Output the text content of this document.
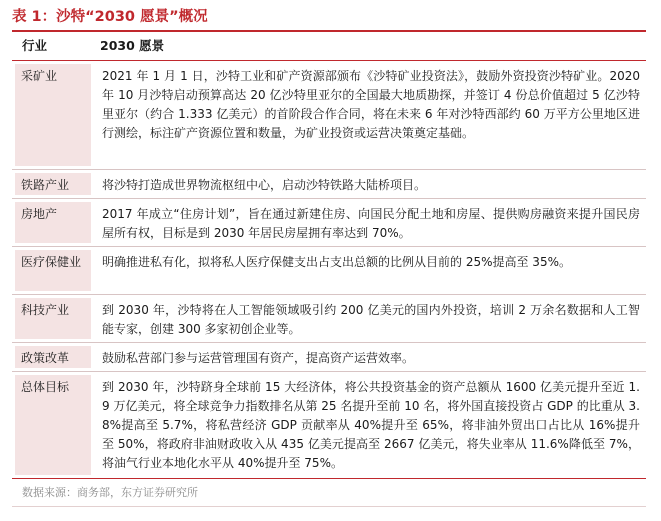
表 1：沙特“2030 愿景”概况
行业	2030 愿景
采矿业	2021 年 1 月 1 日，沙特工业和矿产资源部颁布《沙特矿业投资法》，鼓励外资投资沙特矿业。2020 年 10 月沙特启动预算高达 20 亿沙特里亚尔的全国最大地质勘探，并签订 4 份总价值超过 5 亿沙特里亚尔（约合 1.333 亿美元）的首阶段合作合同，将在未来 6 年对沙特西部约 60 万平方公里地区进行测绘，标注矿产资源位置和数量，为矿业投资或运营决策奠定基础。
铁路产业	将沙特打造成世界物流枢纽中心，启动沙特铁路大陆桥项目。
房地产	2017 年成立“住房计划”，旨在通过新建住房、向国民分配土地和房屋、提供购房融资来提升国民房屋所有权，目标是到 2030 年居民房屋拥有率达到 70%。
医疗保健业	明确推进私有化，拟将私人医疗保健支出占支出总额的比例从目前的 25%提高至 35%。
科技产业	到 2030 年，沙特将在人工智能领域吸引约 200 亿美元的国内外投资，培训 2 万余名数据和人工智能专家，创建 300 多家初创企业等。
政策改革	鼓励私营部门参与运营管理国有资产，提高资产运营效率。
总体目标	到 2030 年，沙特跻身全球前 15 大经济体，将公共投资基金的资产总额从 1600 亿美元提升至近 1.9 万亿美元，将全球竞争力指数排名从第 25 名提升至前 10 名，将外国直接投资占 GDP 的比重从 3.8%提高至 5.7%，将私营经济 GDP 贡献率从 40%提升至 65%，将非油外贸出口占比从 16%提升至 50%，将政府非油财政收入从 435 亿美元提高至 2667 亿美元，将失业率从 11.6%降低至 7%，将油气行业本地化水平从 40%提升至 75%。
数据来源：商务部，东方证券研究所
